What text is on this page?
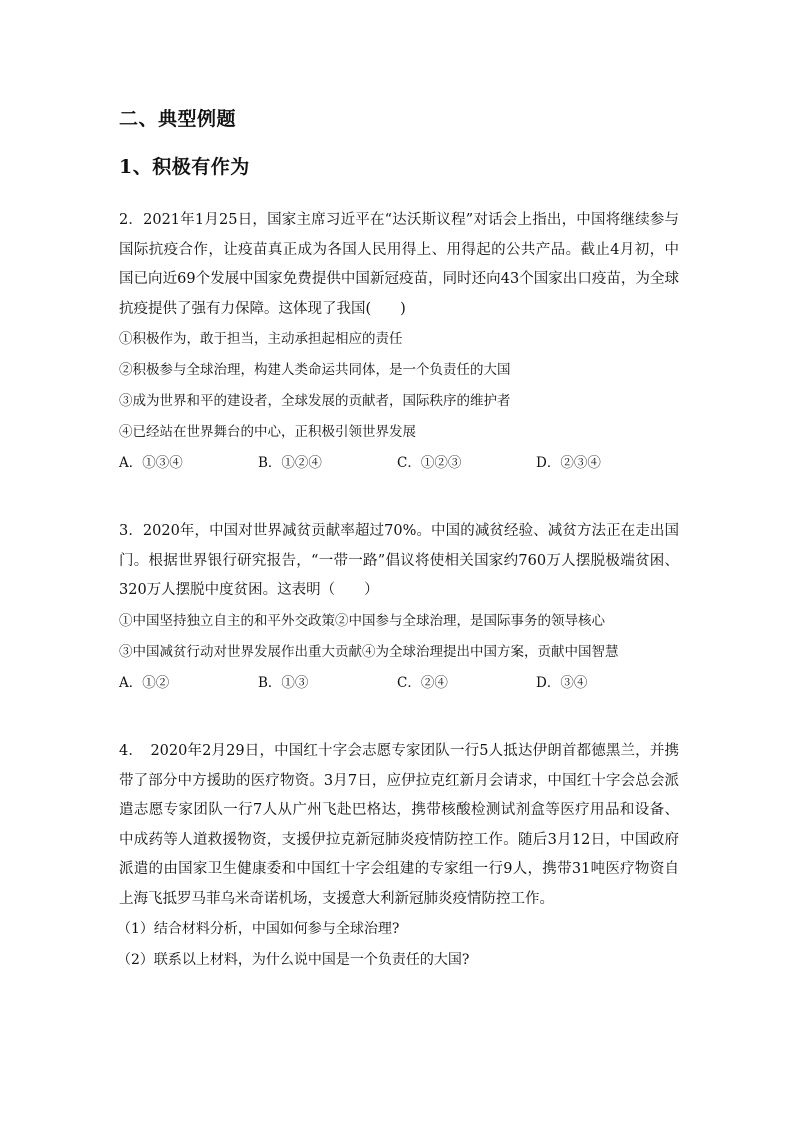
二、典型例题
1、积极有作为
2．2021年1月25日，国家主席习近平在“达沃斯议程”对话会上指出，中国将继续参与国际抗疫合作，让疫苗真正成为各国人民用得上、用得起的公共产品。截止4月初，中国已向近69个发展中国家免费提供中国新冠疫苗，同时还向43个国家出口疫苗，为全球抗疫提供了强有力保障。这体现了我国(　　)
①积极作为，敢于担当，主动承担起相应的责任
②积极参与全球治理，构建人类命运共同体，是一个负责任的大国
③成为世界和平的建设者，全球发展的贡献者，国际秩序的维护者
④已经站在世界舞台的中心，正积极引领世界发展
A．①③④	B．①②④	C．①②③	D．②③④
3．2020年，中国对世界减贫贡献率超过70%。中国的减贫经验、减贫方法正在走出国门。根据世界银行研究报告，“一带一路”倡议将使相关国家约760万人摆脱极端贫困、320万人摆脱中度贫困。这表明（　　）
①中国坚持独立自主的和平外交政策②中国参与全球治理，是国际事务的领导核心
③中国减贫行动对世界发展作出重大贡献④为全球治理提出中国方案，贡献中国智慧
A．①②	B．①③	C．②④	D．③④
4．　2020年2月29日，中国红十字会志愿专家团队一行5人抵达伊朗首都德黑兰，并携带了部分中方援助的医疗物资。3月7日，应伊拉克红新月会请求，中国红十字会总会派遣志愿专家团队一行7人从广州飞赴巴格达，携带核酸检测试剂盒等医疗用品和设备、中成药等人道救援物资，支援伊拉克新冠肺炎疫情防控工作。随后3月12日，中国政府派遣的由国家卫生健康委和中国红十字会组建的专家组一行9人，携带31吨医疗物资自上海飞抵罗马菲乌米奇诺机场，支援意大利新冠肺炎疫情防控工作。
（1）结合材料分析，中国如何参与全球治理?
（2）联系以上材料，为什么说中国是一个负责任的大国?
